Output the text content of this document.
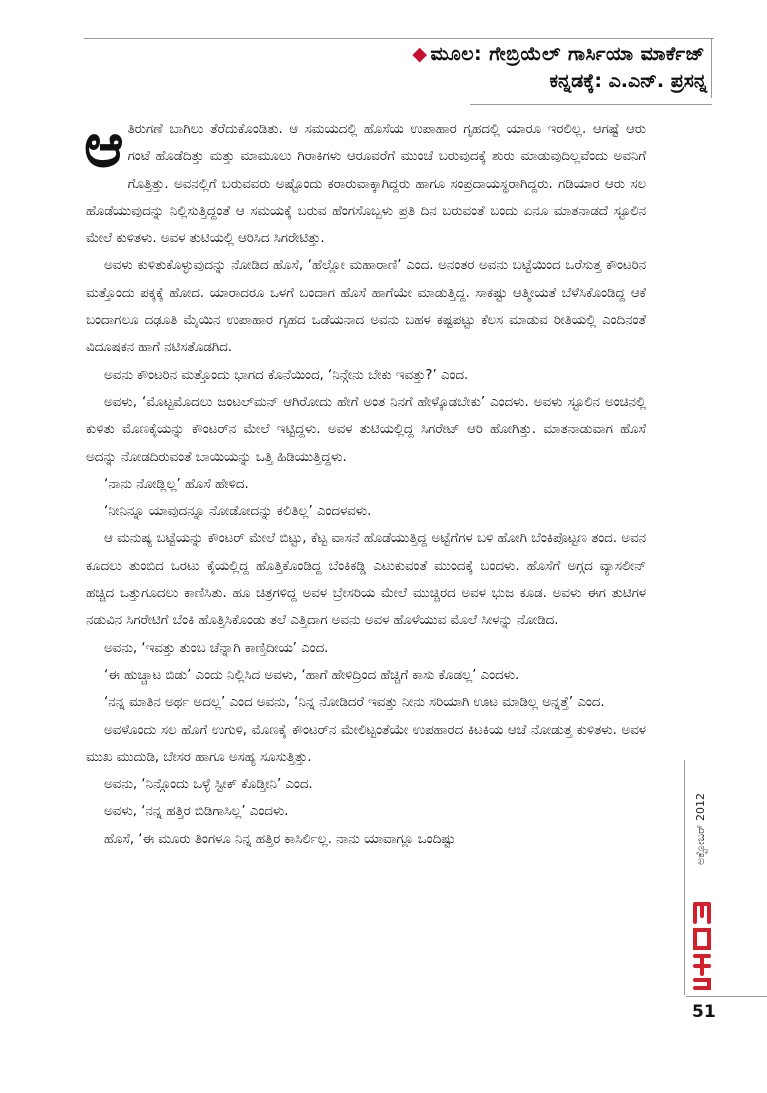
◆ ಮೂಲ: ಗೇಬ್ರಿಯೆಲ್ ಗಾರ್ಸಿಯಾ ಮಾರ್ಕೆಜ್
ಕನ್ನಡಕ್ಕೆ: ಎ.ಎನ್. ಪ್ರಸನ್ನ

ಆತಿರುಗಣೆ ಬಾಗಿಲು ತೆರೆದುಕೊಂಡಿತು. ಆ ಸಮಯದಲ್ಲಿ ಹೊಸೆಯ ಉಪಾಹಾರ ಗೃಹದಲ್ಲಿ ಯಾರೂ ಇರಲಿಲ್ಲ. ಆಗಷ್ಟೆ ಆರು ಗಂಟೆ ಹೊಡೆದಿತ್ತು ಮತ್ತು ಮಾಮೂಲು ಗಿರಾಕಿಗಳು ಆರೂವರೆಗೆ ಮುಂಚೆ ಬರುವುದಕ್ಕೆ ಶುರು ಮಾಡುವುದಿಲ್ಲವೆಂದು ಅವನಿಗೆ ಗೊತ್ತಿತ್ತು. ಅವನಲ್ಲಿಗೆ ಬರುವವರು ಅಷ್ಟೊಂದು ಕರಾರುವಾಕ್ಕಾಗಿದ್ದರು ಹಾಗೂ ಸಂಪ್ರದಾಯಸ್ಥರಾಗಿದ್ದರು. ಗಡಿಯಾರ ಆರು ಸಲ ಹೊಡೆಯುವುದನ್ನು ನಿಲ್ಲಿಸುತ್ತಿದ್ದಂತೆ ಆ ಸಮಯಕ್ಕೆ ಬರುವ ಹೆಂಗಸೊಬ್ಬಳು ಪ್ರತಿ ದಿನ ಬರುವಂತೆ ಬಂದು ಏನೂ ಮಾತನಾಡದೆ ಸ್ಟೂಲಿನ ಮೇಲೆ ಕುಳಿತಳು. ಅವಳ ತುಟಿಯಲ್ಲಿ ಆರಿಸಿದ ಸಿಗರೇಟಿತ್ತು.

ಅವಳು ಕುಳಿತುಕೊಳ್ಳುವುದನ್ನು ನೋಡಿದ ಹೊಸೆ, ‘ಹೆಲ್ಲೋ ಮಹಾರಾಣಿ’ ಎಂದ. ಅನಂತರ ಅವನು ಬಟ್ಟೆಯಿಂದ ಒರೆಸುತ್ತ ಕೌಂಟರಿನ ಮತ್ತೊಂದು ಪಕ್ಕಕ್ಕೆ ಹೋದ. ಯಾರಾದರೂ ಒಳಗೆ ಬಂದಾಗ ಹೊಸೆ ಹಾಗೆಯೇ ಮಾಡುತ್ತಿದ್ದ. ಸಾಕಷ್ಟು ಆತ್ಮೀಯತೆ ಬೆಳೆಸಿಕೊಂಡಿದ್ದ ಆಕೆ ಬಂದಾಗಲೂ ದಢೂತಿ ಮೈಯಿನ ಉಪಾಹಾರ ಗೃಹದ ಒಡೆಯನಾದ ಅವನು ಬಹಳ ಕಷ್ಟಪಟ್ಟು ಕೆಲಸ ಮಾಡುವ ರೀತಿಯಲ್ಲಿ ಎಂದಿನಂತೆ ವಿದೂಷಕನ ಹಾಗೆ ನಟಿಸತೊಡಗಿದ.

ಅವನು ಕೌಂಟರಿನ ಮತ್ತೊಂದು ಭಾಗದ ಕೊನೆಯಿಂದ, ‘ನಿನ್ಗೇನು ಬೇಕು ಇವತ್ತು?’ ಎಂದ.

ಅವಳು, ‘ಮೊಟ್ಟಮೊದಲು ಜಂಟಲ್‌ಮನ್ ಆಗಿರೋದು ಹೇಗೆ ಅಂತ ನಿನಗೆ ಹೇಳ್ಕೊಡಬೇಕು’ ಎಂದಳು. ಅವಳು ಸ್ಟೂಲಿನ ಅಂಚಿನಲ್ಲಿ ಕುಳಿತು ಮೊಣಕೈಯನ್ನು ಕೌಂಟರ್‌ನ ಮೇಲೆ ಇಟ್ಟಿದ್ದಳು. ಅವಳ ತುಟಿಯಲ್ಲಿದ್ದ ಸಿಗರೇಟ್ ಆರಿ ಹೋಗಿತ್ತು. ಮಾತನಾಡುವಾಗ ಹೊಸೆ ಅದನ್ನು ನೋಡದಿರುವಂತೆ ಬಾಯಿಯನ್ನು ಒತ್ತಿ ಹಿಡಿಯುತ್ತಿದ್ದಳು.

‘ನಾನು ನೋಡ್ಲಿಲ್ಲ’ ಹೊಸೆ ಹೇಳಿದ.

‘ನೀನಿನ್ನೂ ಯಾವುದನ್ನೂ ನೋಡೋದನ್ನು ಕಲಿತಿಲ್ಲ’ ಎಂದಳವಳು.

ಆ ಮನುಷ್ಯ ಬಟ್ಟೆಯನ್ನು ಕೌಂಟರ್ ಮೇಲೆ ಬಿಟ್ಟು, ಕೆಟ್ಟ ವಾಸನೆ ಹೊಡೆಯುತ್ತಿದ್ದ ಅಟ್ಟೆಗೆಗಳ ಬಳಿ ಹೋಗಿ ಬೆಂಕಿಪೊಟ್ಟಣ ತಂದ. ಅವನ ಕೂದಲು ತುಂಬಿದ ಒರಟು ಕೈಯಲ್ಲಿದ್ದ ಹೊತ್ತಿಕೊಂಡಿದ್ದ ಬೆಂಕಿಕಡ್ಡಿ ಎಟುಕುವಂತೆ ಮುಂದಕ್ಕೆ ಬಂದಳು. ಹೊಸೆಗೆ ಅಗ್ಗದ ವ್ಯಾಸಲೀನ್ ಹಚ್ಚಿದ ಒತ್ತುಗೂದಲು ಕಾಣಿಸಿತು. ಹೂ ಚಿತ್ರಗಳಿದ್ದ ಅವಳ ಬ್ರೇಸರಿಯ ಮೇಲೆ ಮುಚ್ಚಿರದ ಅವಳ ಭುಜ ಕೂಡ. ಅವಳು ಈಗ ತುಟಿಗಳ ನಡುವಿನ ಸಿಗರೇಟಿಗೆ ಬೆಂಕಿ ಹೊತ್ತಿಸಿಕೊಂಡು ತಲೆ ಎತ್ತಿದಾಗ ಅವನು ಅವಳ ಹೊಳೆಯುವ ಮೊಲೆ ಸೀಳನ್ನು ನೋಡಿದ.

ಅವನು, ‘ಇವತ್ತು ತುಂಬ ಚೆನ್ನಾಗಿ ಕಾಣ್ತಿದೀಯ’ ಎಂದ.

‘ಈ ಹುಚ್ಚಾಟ ಬಿಡು’ ಎಂದು ನಿಲ್ಲಿಸಿದ ಅವಳು, ‘ಹಾಗೆ ಹೇಳಿದ್ರಿಂದ ಹೆಚ್ಚಿಗೆ ಕಾಸು ಕೊಡಲ್ಲ’ ಎಂದಳು.

‘ನನ್ನ ಮಾತಿನ ಅರ್ಥ ಅದಲ್ಲ’ ಎಂದ ಅವನು, ‘ನಿನ್ನ ನೋಡಿದರೆ ಇವತ್ತು ನೀನು ಸರಿಯಾಗಿ ಊಟ ಮಾಡಿಲ್ಲ ಅನ್ನತ್ತೆ’ ಎಂದ.

ಅವಳೊಂದು ಸಲ ಹೊಗೆ ಉಗುಳಿ, ಮೊಣಕೈ ಕೌಂಟರ್‌ನ ಮೇಲಿಟ್ಟಂತೆಯೇ ಉಪಹಾರದ ಕಿಟಕಿಯ ಆಚೆ ನೋಡುತ್ತ ಕುಳಿತಳು. ಅವಳ ಮುಖ ಮುದುಡಿ, ಬೇಸರ ಹಾಗೂ ಅಸಹ್ಯ ಸೂಸುತ್ತಿತ್ತು.

ಅವನು, ‘ನಿನ್ಗೊಂದು ಒಳ್ಳೆ ಸ್ಟೀಕ್ ಕೊಡ್ತೀನಿ’ ಎಂದ.

ಅವಳು, ‘ನನ್ನ ಹತ್ತಿರ ಬಿಡಿಗಾಸಿಲ್ಲ’ ಎಂದಳು.

ಹೊಸೆ, ‘ಈ ಮೂರು ತಿಂಗಳೂ ನಿನ್ನ ಹತ್ತಿರ ಕಾಸಿರ್ಲಿಲ್ಲ. ನಾನು ಯಾವಾಗ್ಲೂ ಒಂದಿಷ್ಟು	ಅಕ್ಟೋಬರ್ 2012
51
